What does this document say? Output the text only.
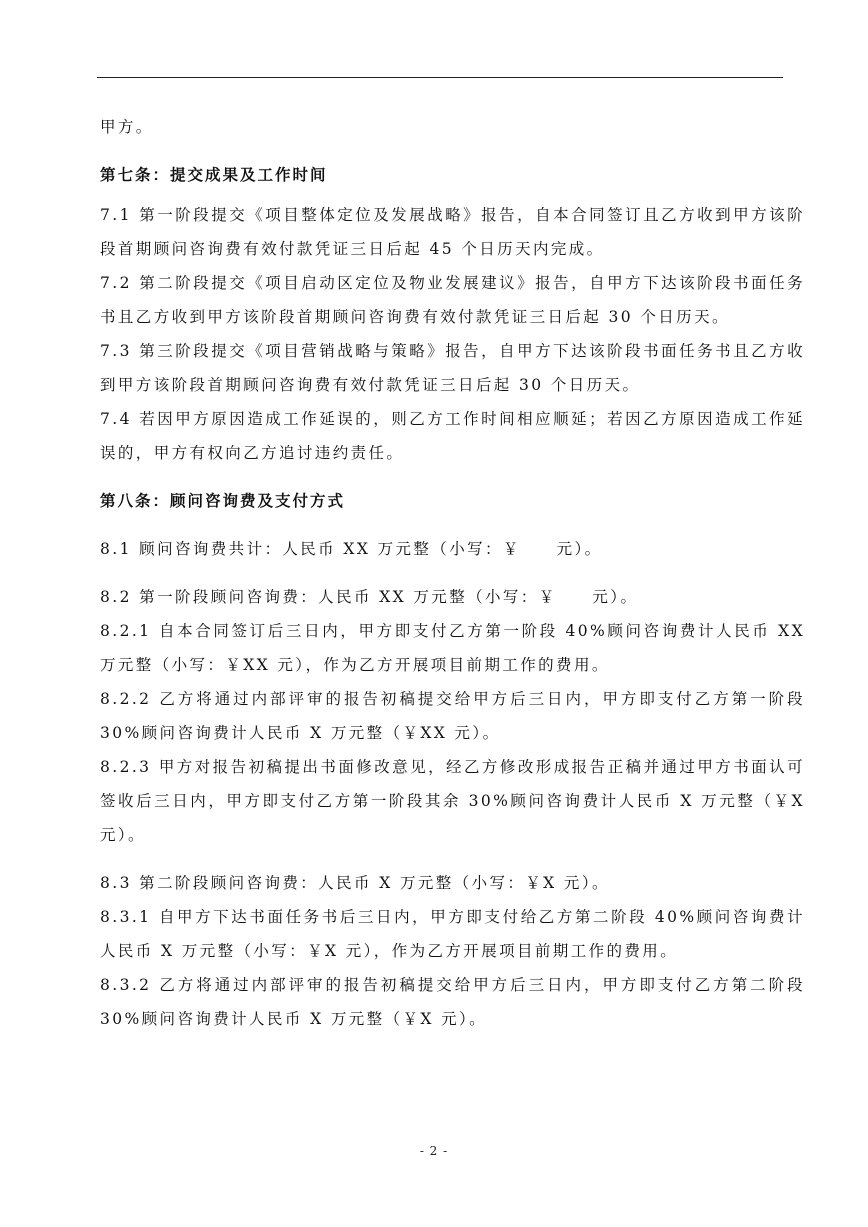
甲方。

第七条：提交成果及工作时间

7.1 第一阶段提交《项目整体定位及发展战略》报告，自本合同签订且乙方收到甲方该阶段首期顾问咨询费有效付款凭证三日后起 45 个日历天内完成。

7.2 第二阶段提交《项目启动区定位及物业发展建议》报告，自甲方下达该阶段书面任务书且乙方收到甲方该阶段首期顾问咨询费有效付款凭证三日后起 30 个日历天。

7.3 第三阶段提交《项目营销战略与策略》报告，自甲方下达该阶段书面任务书且乙方收到甲方该阶段首期顾问咨询费有效付款凭证三日后起 30 个日历天。

7.4 若因甲方原因造成工作延误的，则乙方工作时间相应顺延；若因乙方原因造成工作延误的，甲方有权向乙方追讨违约责任。

第八条：顾问咨询费及支付方式

8.1 顾问咨询费共计：人民币 XX 万元整（小写：￥　　元）。

8.2 第一阶段顾问咨询费：人民币 XX 万元整（小写：￥　　元）。

8.2.1 自本合同签订后三日内，甲方即支付乙方第一阶段 40%顾问咨询费计人民币 XX 万元整（小写：￥XX 元），作为乙方开展项目前期工作的费用。

8.2.2 乙方将通过内部评审的报告初稿提交给甲方后三日内，甲方即支付乙方第一阶段 30%顾问咨询费计人民币 X 万元整（￥XX 元）。

8.2.3 甲方对报告初稿提出书面修改意见，经乙方修改形成报告正稿并通过甲方书面认可签收后三日内，甲方即支付乙方第一阶段其余 30%顾问咨询费计人民币 X 万元整（￥X 元）。

8.3 第二阶段顾问咨询费：人民币 X 万元整（小写：￥X 元）。

8.3.1 自甲方下达书面任务书后三日内，甲方即支付给乙方第二阶段 40%顾问咨询费计人民币 X 万元整（小写：￥X 元），作为乙方开展项目前期工作的费用。

8.3.2 乙方将通过内部评审的报告初稿提交给甲方后三日内，甲方即支付乙方第二阶段 30%顾问咨询费计人民币 X 万元整（￥X 元）。

- 2 -
